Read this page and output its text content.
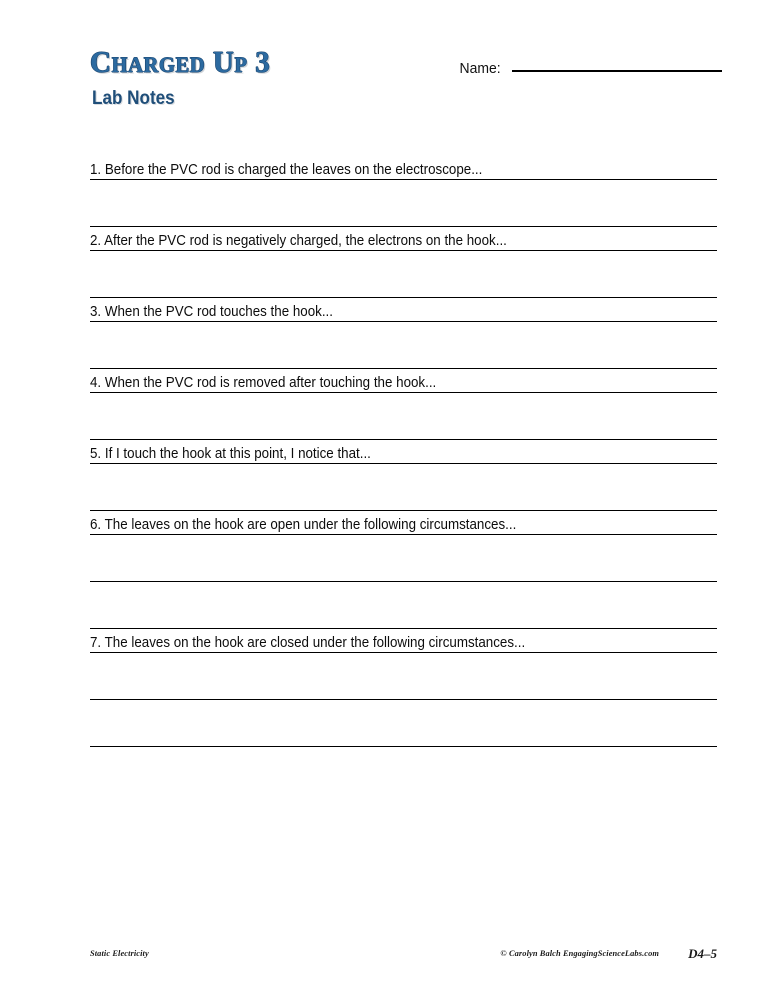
Charged Up 3
Lab Notes
Name:
1. Before the PVC rod is charged the leaves on the electroscope...
2. After the PVC rod is negatively charged, the electrons on the hook...
3. When the PVC rod touches the hook...
4. When the PVC rod is removed after touching the hook...
5. If I touch the hook at this point, I notice that...
6. The leaves on the hook are open under the following circumstances...
7. The leaves on the hook are closed under the following circumstances...
Static Electricity	© Carolyn Balch EngagingScienceLabs.com D4–5
